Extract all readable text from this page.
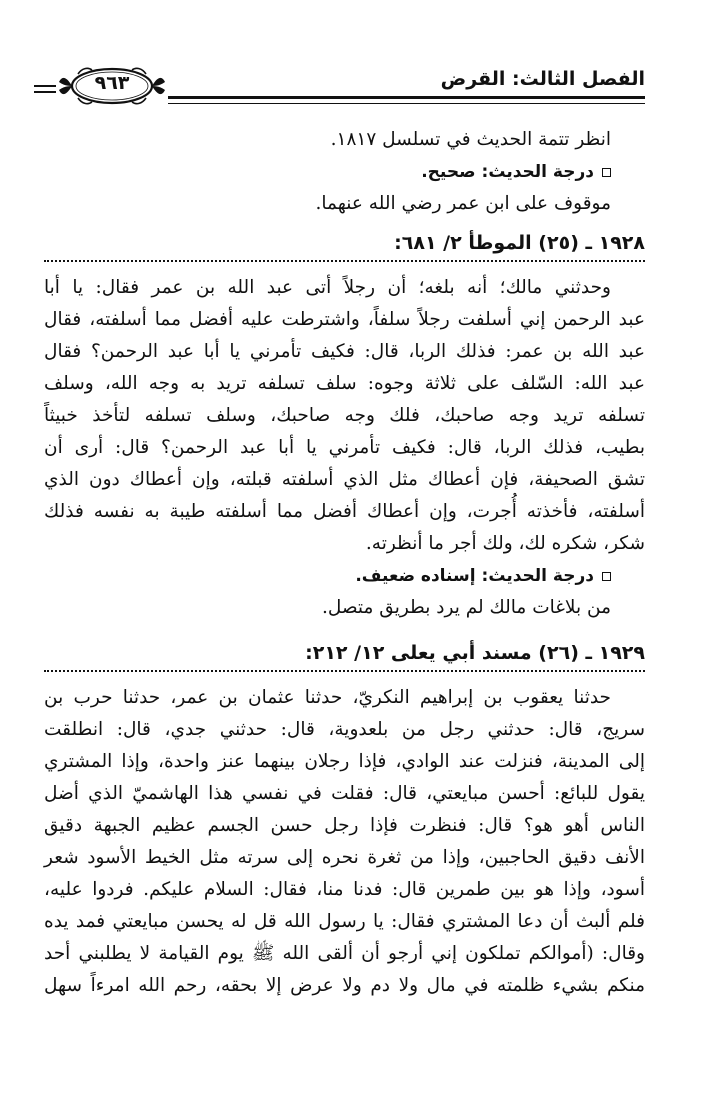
الفصل الثالث: القرض
٩٦٣
انظر تتمة الحديث في تسلسل ١٨١٧.
درجة الحديث:
صحيح.
موقوف على ابن عمر رضي الله عنهما.
١٩٢٨ ـ (٢٥) الموطأ ٢/ ٦٨١:
وحدثني مالك؛ أنه بلغه؛ أن رجلاً أتى عبد الله بن عمر فقال: يا أبا
عبد الرحمن إني أسلفت رجلاً سلفاً، واشترطت عليه أفضل مما أسلفته، فقال
عبد الله بن عمر: فذلك الربا، قال: فكيف تأمرني يا أبا عبد الرحمن؟ فقال
عبد الله: السّلف على ثلاثة وجوه: سلف تسلفه تريد به وجه الله، وسلف
تسلفه تريد وجه صاحبك، فلك وجه صاحبك، وسلف تسلفه لتأخذ خبيثاً
بطيب، فذلك الربا، قال: فكيف تأمرني يا أبا عبد الرحمن؟ قال: أرى أن
تشق الصحيفة، فإن أعطاك مثل الذي أسلفته قبلته، وإن أعطاك دون الذي
أسلفته، فأخذته أُجرت، وإن أعطاك أفضل مما أسلفته طيبة به نفسه فذلك
شكر، شكره لك، ولك أجر ما أنظرته.
درجة الحديث:
إسناده ضعيف.
من بلاغات مالك لم يرد بطريق متصل.
١٩٢٩ ـ (٢٦) مسند أبي يعلى ١٢/ ٢١٢:
حدثنا يعقوب بن إبراهيم النكريّ، حدثنا عثمان بن عمر، حدثنا حرب بن
سريج، قال: حدثني رجل من بلعدوية، قال: حدثني جدي، قال: انطلقت
إلى المدينة، فنزلت عند الوادي، فإذا رجلان بينهما عنز واحدة، وإذا المشتري
يقول للبائع: أحسن مبايعتي، قال: فقلت في نفسي هذا الهاشميّ الذي أضل
الناس أهو هو؟ قال: فنظرت فإذا رجل حسن الجسم عظيم الجبهة دقيق
الأنف دقيق الحاجبين، وإذا من ثغرة نحره إلى سرته مثل الخيط الأسود شعر
أسود، وإذا هو بين طمرين قال: فدنا منا، فقال: السلام عليكم. فردوا عليه،
فلم ألبث أن دعا المشتري فقال: يا رسول الله قل له يحسن مبايعتي فمد يده
وقال: (أموالكم تملكون إني أرجو أن ألقى الله ﷺ يوم القيامة لا يطلبني أحد
منكم بشيء ظلمته في مال ولا دم ولا عرض إلا بحقه، رحم الله امرءاً سهل
